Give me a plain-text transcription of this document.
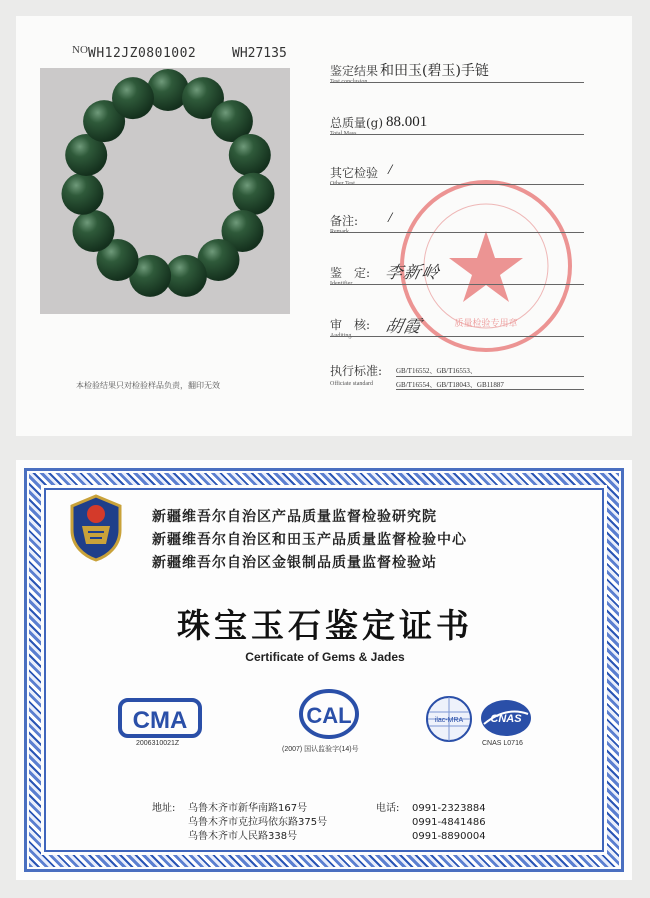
NO WH12JZ0801002	WH27135
本检验结果只对检验样品负责，翻印无效
质量检验专用章
鉴定结果
Test conclusion
和田玉(碧玉)手链
总质量(g)
Total Mass
88.001
其它检验
Other Test
/
备注:
Remark
/
鉴　定:
Identifier
李新岭
审　核:
Auditing 胡霞
执行标准:
Officiate standard
GB/T16552、GB/T16553、
GB/T16554、GB/T18043、GB11887
新疆维吾尔自治区产品质量监督检验研究院
新疆维吾尔自治区和田玉产品质量监督检验中心
新疆维吾尔自治区金银制品质量监督检验站
珠宝玉石鉴定证书
Certificate of Gems & Jades
CMA
2006310021Z
CAL
(2007) 国认监验字(14)号
ilac-MRA CNAS
CNAS L0716
地址: 乌鲁木齐市新华南路167号
乌鲁木齐市克拉玛依东路375号
乌鲁木齐市人民路338号
电话: 0991-2323884
0991-4841486
0991-8890004
